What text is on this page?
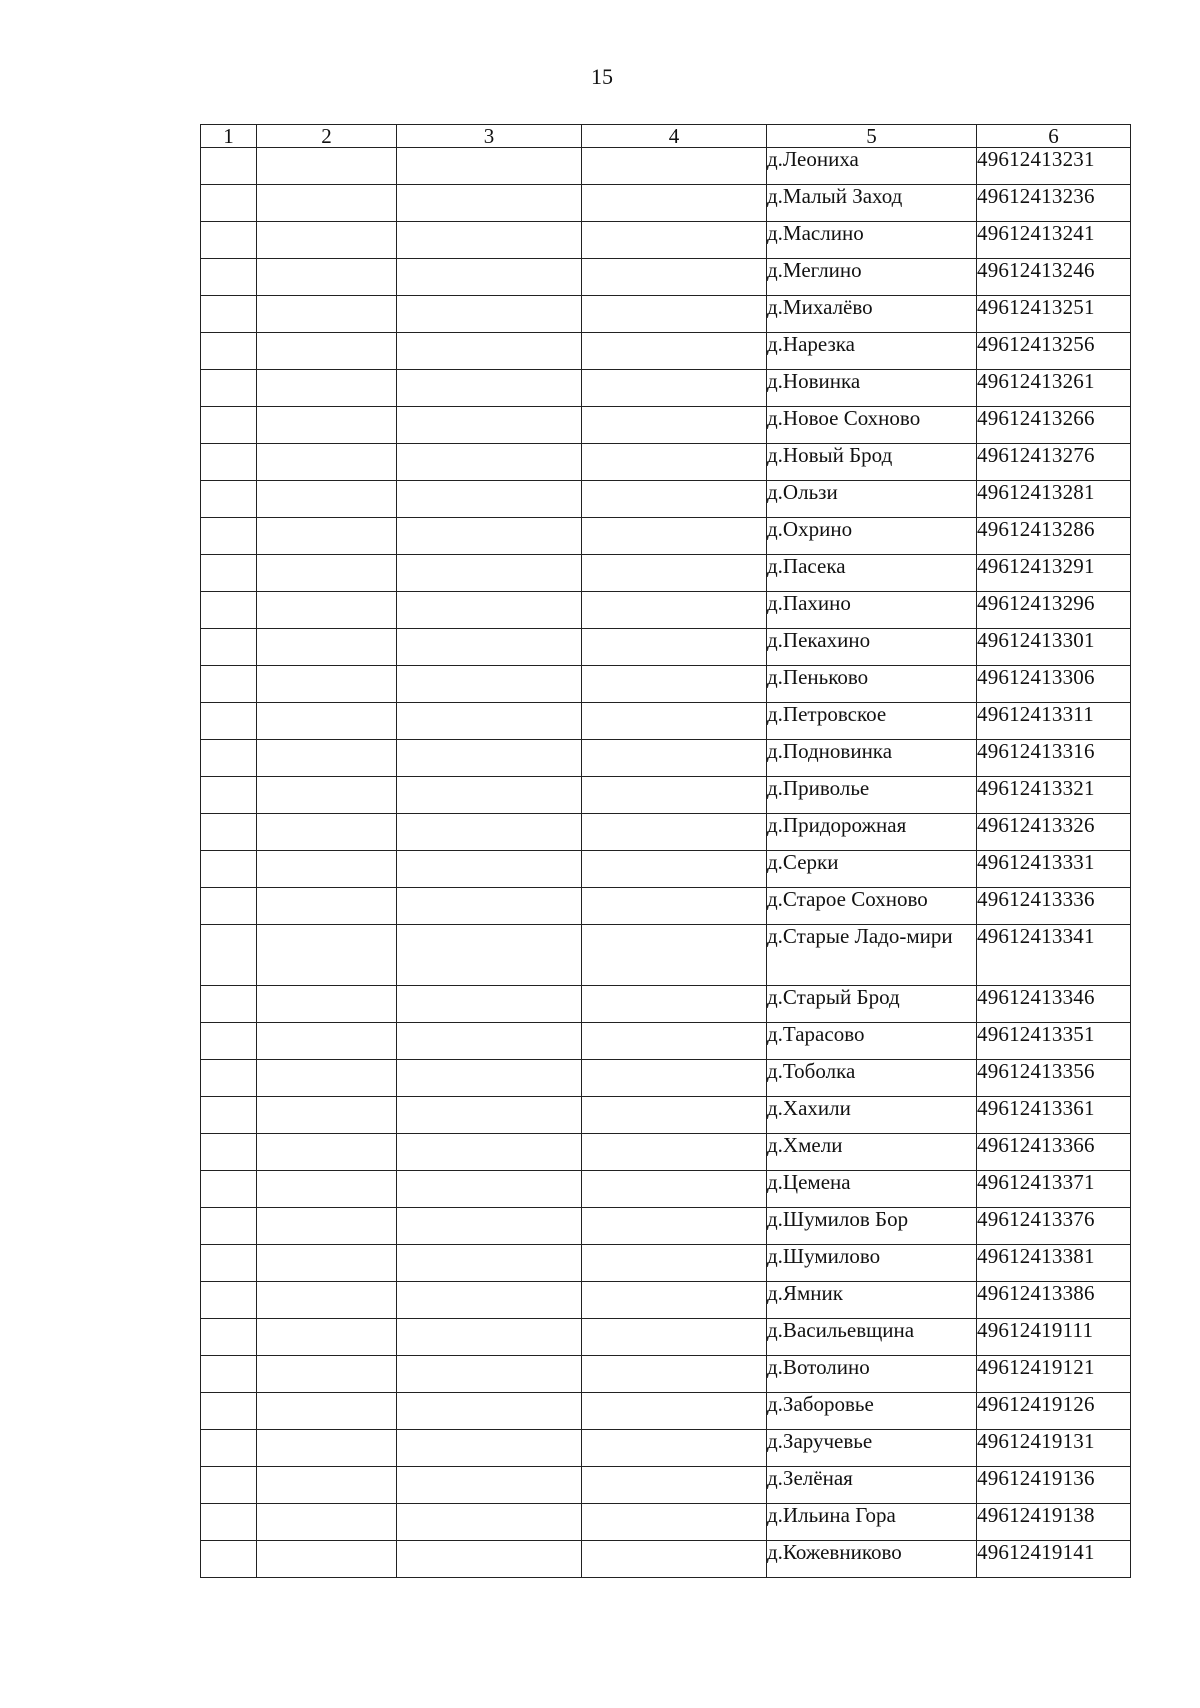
15
1	2	3	4	5	6
				д.Леониха	49612413231
				д.Малый Заход	49612413236
				д.Маслино	49612413241
				д.Меглино	49612413246
				д.Михалёво	49612413251
				д.Нарезка	49612413256
				д.Новинка	49612413261
				д.Новое Сохново	49612413266
				д.Новый Брод	49612413276
				д.Ользи	49612413281
				д.Охрино	49612413286
				д.Пасека	49612413291
				д.Пахино	49612413296
				д.Пекахино	49612413301
				д.Пеньково	49612413306
				д.Петровское	49612413311
				д.Подновинка	49612413316
				д.Приволье	49612413321
				д.Придорожная	49612413326
				д.Серки	49612413331
				д.Старое Сохново	49612413336
				д.Старые Ладо-мири	49612413341
				д.Старый Брод	49612413346
				д.Тарасово	49612413351
				д.Тоболка	49612413356
				д.Хахили	49612413361
				д.Хмели	49612413366
				д.Цемена	49612413371
				д.Шумилов Бор	49612413376
				д.Шумилово	49612413381
				д.Ямник	49612413386
				д.Васильевщина	49612419111
				д.Вотолино	49612419121
				д.Заборовье	49612419126
				д.Заручевье	49612419131
				д.Зелёная	49612419136
				д.Ильина Гора	49612419138
				д.Кожевниково	49612419141
